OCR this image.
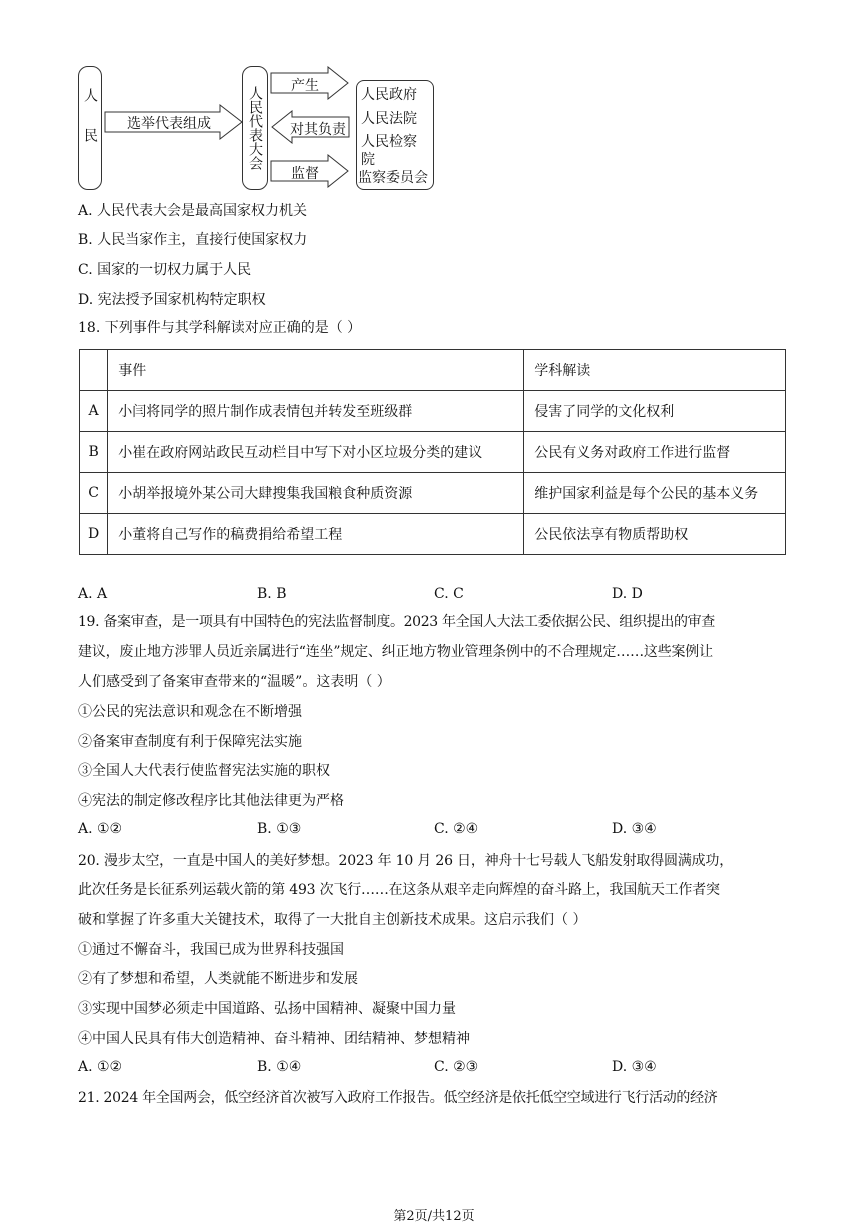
人民	选举代表组成	人民代表大会	产生
对其负责
监督
人民政府
人民法院
人民检察院
监察委员会
A. 人民代表大会是最高国家权力机关
B. 人民当家作主，直接行使国家权力
C. 国家的一切权力属于人民
D. 宪法授予国家机构特定职权
18. 下列事件与其学科解读对应正确的是（ ）
	事件	学科解读
A	小闫将同学的照片制作成表情包并转发至班级群	侵害了同学的文化权利
B	小崔在政府网站政民互动栏目中写下对小区垃圾分类的建议	公民有义务对政府工作进行监督
C	小胡举报境外某公司大肆搜集我国粮食种质资源	维护国家利益是每个公民的基本义务
D	小董将自己写作的稿费捐给希望工程	公民依法享有物质帮助权
A. A	B. B	C. C	D. D
19. 备案审查，是一项具有中国特色的宪法监督制度。2023 年全国人大法工委依据公民、组织提出的审查
建议，废止地方涉罪人员近亲属进行“连坐”规定、纠正地方物业管理条例中的不合理规定……这些案例让
人们感受到了备案审查带来的“温暖”。这表明（ ）
①公民的宪法意识和观念在不断增强
②备案审查制度有利于保障宪法实施
③全国人大代表行使监督宪法实施的职权
④宪法的制定修改程序比其他法律更为严格
A. ①②	B. ①③	C. ②④	D. ③④
20. 漫步太空，一直是中国人的美好梦想。2023 年 10 月 26 日，神舟十七号载人飞船发射取得圆满成功，
此次任务是长征系列运载火箭的第 493 次飞行……在这条从艰辛走向辉煌的奋斗路上，我国航天工作者突
破和掌握了许多重大关键技术，取得了一大批自主创新技术成果。这启示我们（ ）
①通过不懈奋斗，我国已成为世界科技强国
②有了梦想和希望，人类就能不断进步和发展
③实现中国梦必须走中国道路、弘扬中国精神、凝聚中国力量
④中国人民具有伟大创造精神、奋斗精神、团结精神、梦想精神
A. ①②	B. ①④	C. ②③	D. ③④
21. 2024 年全国两会，低空经济首次被写入政府工作报告。低空经济是依托低空空域进行飞行活动的经济
第2页/共12页
